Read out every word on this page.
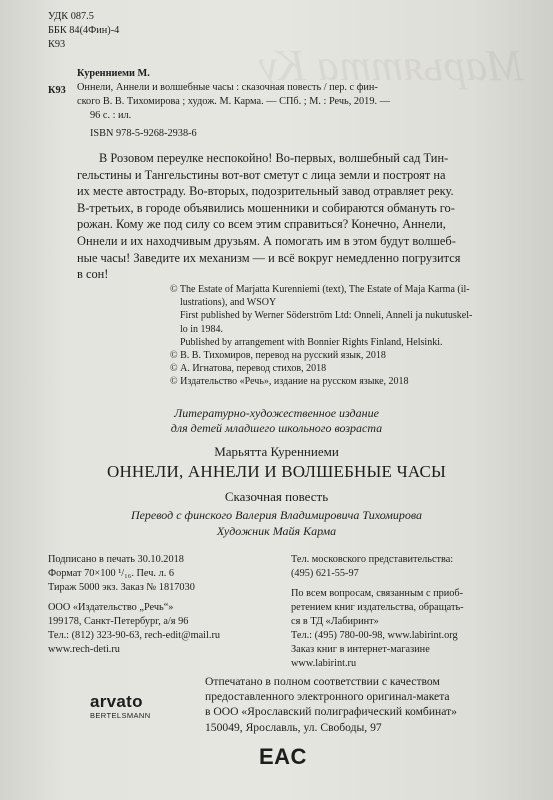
Марьятта Ку
УДК 087.5
ББК 84(4Фин)-4
К93
К93
Куренниеми М.
Оннели, Аннели и волшебные часы : сказочная повесть / пер. с фин-
ского В. В. Тихомирова ; худож. М. Карма. — СПб. ; М. : Речь, 2019. —
96 с. : ил.
ISBN 978-5-9268-2938-6
В Розовом переулке неспокойно! Во-первых, волшебный сад Тин-
гельстины и Тангельстины вот-вот сметут с лица земли и построят на
их месте автостраду. Во-вторых, подозрительный завод отравляет реку.
В-третьих, в городе объявились мошенники и собираются обмануть го-
рожан. Кому же под силу со всем этим справиться? Конечно, Аннели,
Оннели и их находчивым друзьям. А помогать им в этом будут волшеб-
ные часы! Заведите их механизм — и всё вокруг немедленно погрузится
в сон!
© The Estate of Marjatta Kurenniemi (text), The Estate of Maja Karma (il-
lustrations), and WSOY
First published by Werner Söderström Ltd: Onneli, Anneli ja nukutuskel-
lo in 1984.
Published by arrangement with Bonnier Rights Finland, Helsinki.
© В. В. Тихомиров, перевод на русский язык, 2018
© А. Игнатова, перевод стихов, 2018
© Издательство «Речь», издание на русском языке, 2018
Литературно-художественное издание
для детей младшего школьного возраста
Марьятта Куренниеми
ОННЕЛИ, АННЕЛИ И ВОЛШЕБНЫЕ ЧАСЫ
Сказочная повесть
Перевод с финского Валерия Владимировича Тихомирова
Художник Майя Карма
Подписано в печать 30.10.2018
Формат 70×100 ¹/₁₆. Печ. л. 6
Тираж 5000 экз. Заказ № 1817030
ООО «Издательство „Речь“»
199178, Санкт-Петербург, а/я 96
Тел.: (812) 323-90-63, rech-edit@mail.ru
www.rech-deti.ru
Тел. московского представительства:
(495) 621-55-97
По всем вопросам, связанным с приоб-
ретением книг издательства, обращать-
ся в ТД «Лабиринт»
Тел.: (495) 780-00-98, www.labirint.org
Заказ книг в интернет-магазине
www.labirint.ru
arvato
BERTELSMANN
Отпечатано в полном соответствии с качеством
предоставленного электронного оригинал-макета
в ООО «Ярославский полиграфический комбинат»
150049, Ярославль, ул. Свободы, 97
EAC
